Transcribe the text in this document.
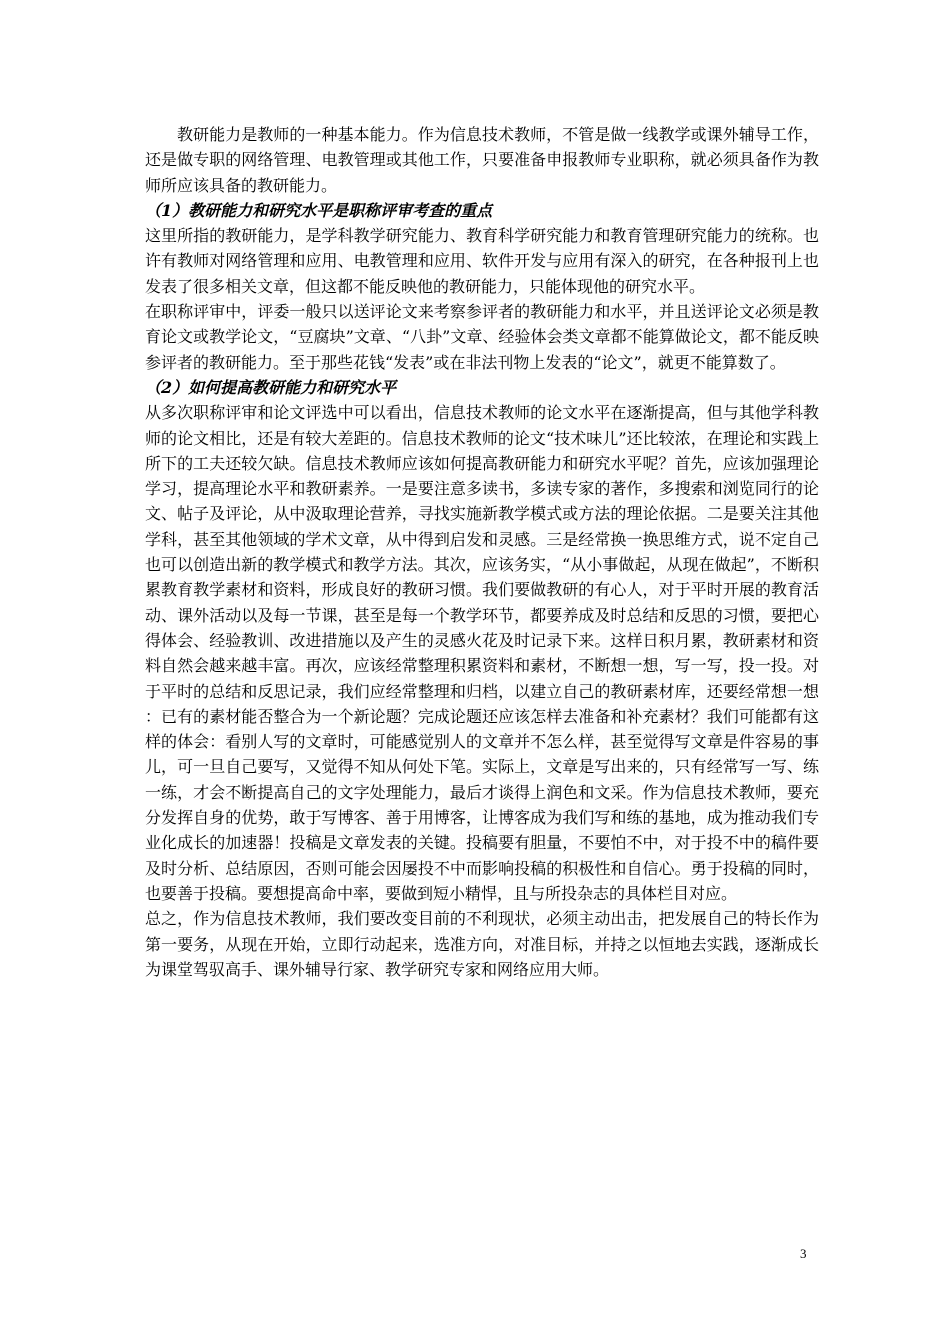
教研能力是教师的一种基本能力。作为信息技术教师，不管是做一线教学或课外辅导工作，还是做专职的网络管理、电教管理或其他工作，只要准备申报教师专业职称，就必须具备作为教师所应该具备的教研能力。

（1）教研能力和研究水平是职称评审考查的重点

这里所指的教研能力，是学科教学研究能力、教育科学研究能力和教育管理研究能力的统称。也许有教师对网络管理和应用、电教管理和应用、软件开发与应用有深入的研究，在各种报刊上也发表了很多相关文章，但这都不能反映他的教研能力，只能体现他的研究水平。

在职称评审中，评委一般只以送评论文来考察参评者的教研能力和水平，并且送评论文必须是教育论文或教学论文，“豆腐块”文章、“八卦”文章、经验体会类文章都不能算做论文，都不能反映参评者的教研能力。至于那些花钱“发表”或在非法刊物上发表的“论文”，就更不能算数了。

（2）如何提高教研能力和研究水平

从多次职称评审和论文评选中可以看出，信息技术教师的论文水平在逐渐提高，但与其他学科教师的论文相比，还是有较大差距的。信息技术教师的论文“技术味儿”还比较浓，在理论和实践上所下的工夫还较欠缺。信息技术教师应该如何提高教研能力和研究水平呢？首先，应该加强理论学习，提高理论水平和教研素养。一是要注意多读书，多读专家的著作，多搜索和浏览同行的论文、帖子及评论，从中汲取理论营养，寻找实施新教学模式或方法的理论依据。二是要关注其他学科，甚至其他领域的学术文章，从中得到启发和灵感。三是经常换一换思维方式，说不定自己也可以创造出新的教学模式和教学方法。其次，应该务实，“从小事做起，从现在做起”，不断积累教育教学素材和资料，形成良好的教研习惯。我们要做教研的有心人，对于平时开展的教育活动、课外活动以及每一节课，甚至是每一个教学环节，都要养成及时总结和反思的习惯，要把心得体会、经验教训、改进措施以及产生的灵感火花及时记录下来。这样日积月累，教研素材和资料自然会越来越丰富。再次，应该经常整理积累资料和素材，不断想一想，写一写，投一投。对于平时的总结和反思记录，我们应经常整理和归档，以建立自己的教研素材库，还要经常想一想：已有的素材能否整合为一个新论题？完成论题还应该怎样去准备和补充素材？我们可能都有这样的体会：看别人写的文章时，可能感觉别人的文章并不怎么样，甚至觉得写文章是件容易的事儿，可一旦自己要写，又觉得不知从何处下笔。实际上，文章是写出来的，只有经常写一写、练一练，才会不断提高自己的文字处理能力，最后才谈得上润色和文采。作为信息技术教师，要充分发挥自身的优势，敢于写博客、善于用博客，让博客成为我们写和练的基地，成为推动我们专业化成长的加速器！投稿是文章发表的关键。投稿要有胆量，不要怕不中，对于投不中的稿件要及时分析、总结原因，否则可能会因屡投不中而影响投稿的积极性和自信心。勇于投稿的同时，也要善于投稿。要想提高命中率，要做到短小精悍，且与所投杂志的具体栏目对应。

总之，作为信息技术教师，我们要改变目前的不利现状，必须主动出击，把发展自己的特长作为第一要务，从现在开始，立即行动起来，选准方向，对准目标，并持之以恒地去实践，逐渐成长为课堂驾驭高手、课外辅导行家、教学研究专家和网络应用大师。

3
